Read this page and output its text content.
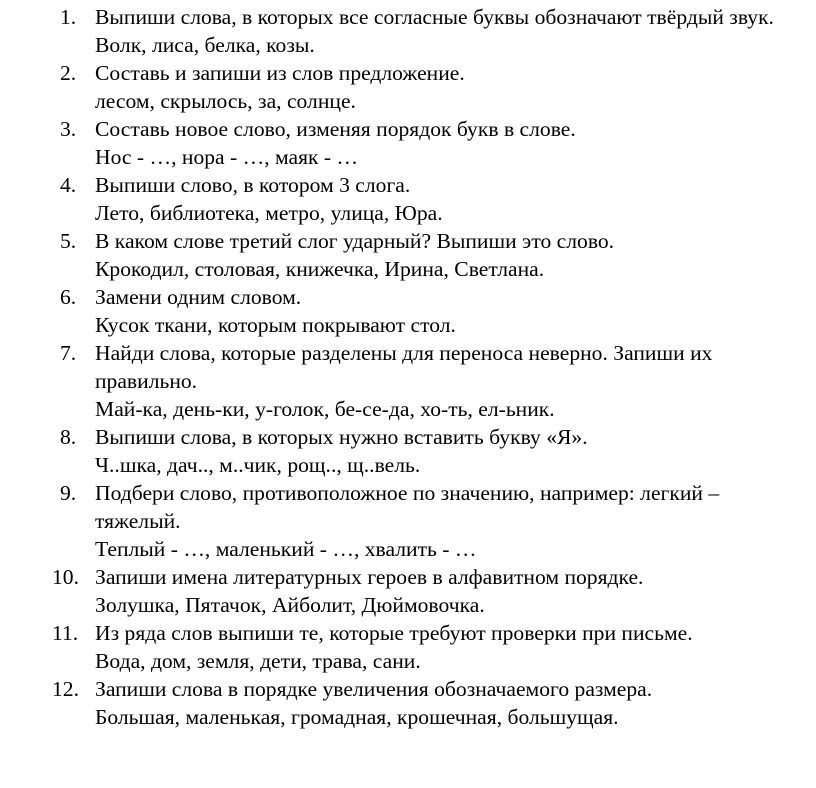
1. Выпиши слова, в которых все согласные буквы обозначают твёрдый звук.
Волк, лиса, белка, козы.
2. Составь и запиши из слов предложение.
лесом, скрылось, за, солнце.
3. Составь новое слово, изменяя порядок букв в слове.
Нос - …, нора - …, маяк - …
4. Выпиши слово, в котором 3 слога.
Лето, библиотека, метро, улица, Юра.
5. В каком слове третий слог ударный? Выпиши это слово.
Крокодил, столовая, книжечка, Ирина, Светлана.
6. Замени одним словом.
Кусок ткани, которым покрывают стол.
7. Найди слова, которые разделены для переноса неверно. Запиши их правильно.
Май-ка, день-ки, у-голок, бе-се-да, хо-ть, ел-ьник.
8. Выпиши слова, в которых нужно вставить букву «Я».
Ч..шка, дач.., м..чик, рощ.., щ..вель.
9. Подбери слово, противоположное по значению, например: легкий – тяжелый.
Теплый - …, маленький - …, хвалить - …
10. Запиши имена литературных героев в алфавитном порядке.
Золушка, Пятачок, Айболит, Дюймовочка.
11. Из ряда слов выпиши те, которые требуют проверки при письме.
Вода, дом, земля, дети, трава, сани.
12. Запиши слова в порядке увеличения обозначаемого размера.
Большая, маленькая, громадная, крошечная, большущая.
